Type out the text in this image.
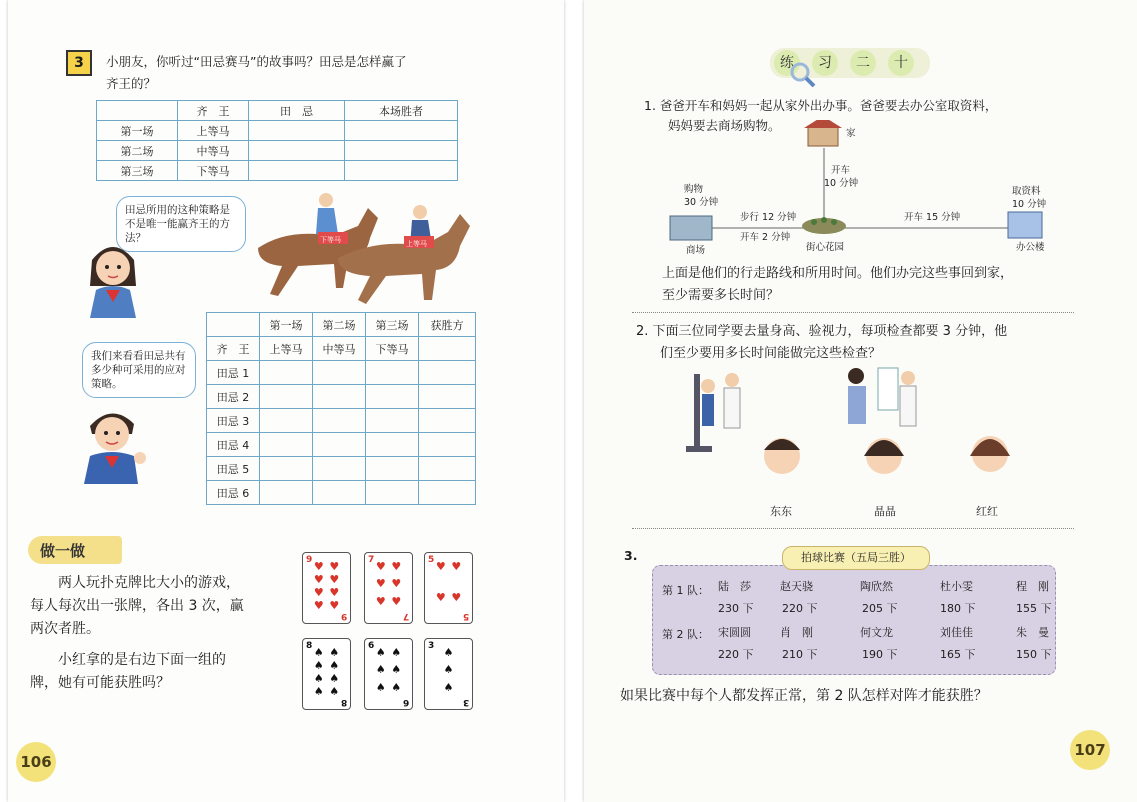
3	小朋友，你听过“田忌赛马”的故事吗？田忌是怎样赢了
齐王的？
	齐　王	田　忌	本场胜者
第一场	上等马		
第二场	中等马		
第三场	下等马		
田忌所用的这种策略是不是唯一能赢齐王的方法？	下等马	上等马
我们来看看田忌共有多少种可采用的应对策略。
	第一场	第二场	第三场	获胜方
齐　王	上等马	中等马	下等马	
田忌 1				
田忌 2				
田忌 3				
田忌 4				
田忌 5				
田忌 6				
做一做
两人玩扑克牌比大小的游戏，
每人每次出一张牌，各出 3 次，赢
两次者胜。
小红拿的是右边下面一组的
牌，她有可能获胜吗？
9 ♥ ♥
♥ ♥
♥ ♥
♥ ♥
9
7 ♥ ♥
♥ ♥
♥ ♥
7
5 ♥ ♥
♥ ♥
5
8 ♠ ♠
♠ ♠
♠ ♠
♠ ♠
8
6 ♠ ♠
♠ ♠
♠ ♠
6
3 ♠
♠
♠
3
106
练	习	二	十
1. 爸爸开车和妈妈一起从家外出办事。爸爸要去办公室取资料，
妈妈要去商场购物。
家
开车
10 分钟
购物
30 分钟
步行 12 分钟
开车 2 分钟
开车 15 分钟
取资料
10 分钟
商场	街心花园	办公楼
上面是他们的行走路线和所用时间。他们办完这些事回到家，
至少需要多长时间？
2. 下面三位同学要去量身高、验视力，每项检查都要 3 分钟，他
们至少要用多长时间能做完这些检查？
东东	晶晶	红红
3.	拍球比赛（五局三胜）
第 1 队： 陆　莎	赵天骁	陶欣然	杜小雯	程　刚
230 下	220 下	205 下	180 下	155 下
第 2 队： 宋圆圆	肖　刚	何文龙	刘佳佳	朱　曼
220 下	210 下	190 下	165 下	150 下
如果比赛中每个人都发挥正常，第 2 队怎样对阵才能获胜？
107
